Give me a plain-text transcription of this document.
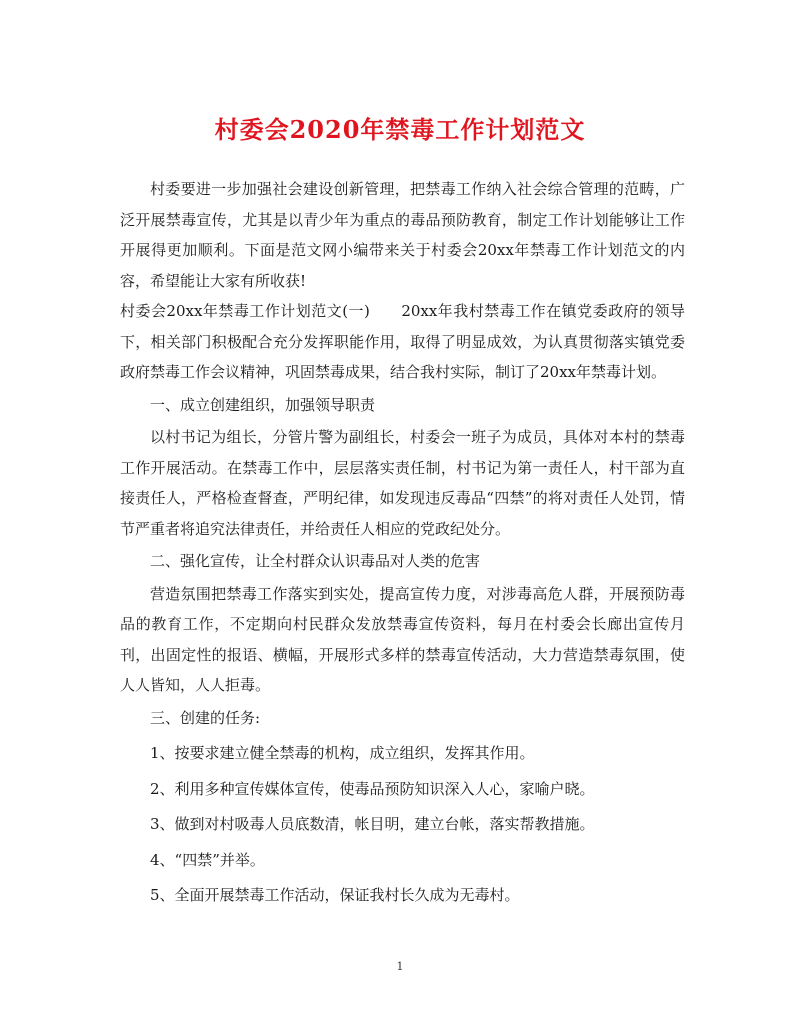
村委会2020年禁毒工作计划范文

村委要进一步加强社会建设创新管理，把禁毒工作纳入社会综合管理的范畴，广泛开展禁毒宣传，尤其是以青少年为重点的毒品预防教育，制定工作计划能够让工作开展得更加顺利。下面是范文网小编带来关于村委会20xx年禁毒工作计划范文的内容，希望能让大家有所收获!

村委会20xx年禁毒工作计划范文(一)　　20xx年我村禁毒工作在镇党委政府的领导下，相关部门积极配合充分发挥职能作用，取得了明显成效，为认真贯彻落实镇党委政府禁毒工作会议精神，巩固禁毒成果，结合我村实际，制订了20xx年禁毒计划。

一、成立创建组织，加强领导职责

以村书记为组长，分管片警为副组长，村委会一班子为成员，具体对本村的禁毒工作开展活动。在禁毒工作中，层层落实责任制，村书记为第一责任人，村干部为直接责任人，严格检查督查，严明纪律，如发现违反毒品“四禁”的将对责任人处罚，情节严重者将追究法律责任，并给责任人相应的党政纪处分。

二、强化宣传，让全村群众认识毒品对人类的危害

营造氛围把禁毒工作落实到实处，提高宣传力度，对涉毒高危人群，开展预防毒品的教育工作，不定期向村民群众发放禁毒宣传资料，每月在村委会长廊出宣传月刊，出固定性的报语、横幅，开展形式多样的禁毒宣传活动，大力营造禁毒氛围，使人人皆知，人人拒毒。

三、创建的任务:

1、按要求建立健全禁毒的机构，成立组织，发挥其作用。

2、利用多种宣传媒体宣传，使毒品预防知识深入人心，家喻户晓。

3、做到对村吸毒人员底数清，帐目明，建立台帐，落实帮教措施。

4、“四禁”并举。

5、全面开展禁毒工作活动，保证我村长久成为无毒村。

1
